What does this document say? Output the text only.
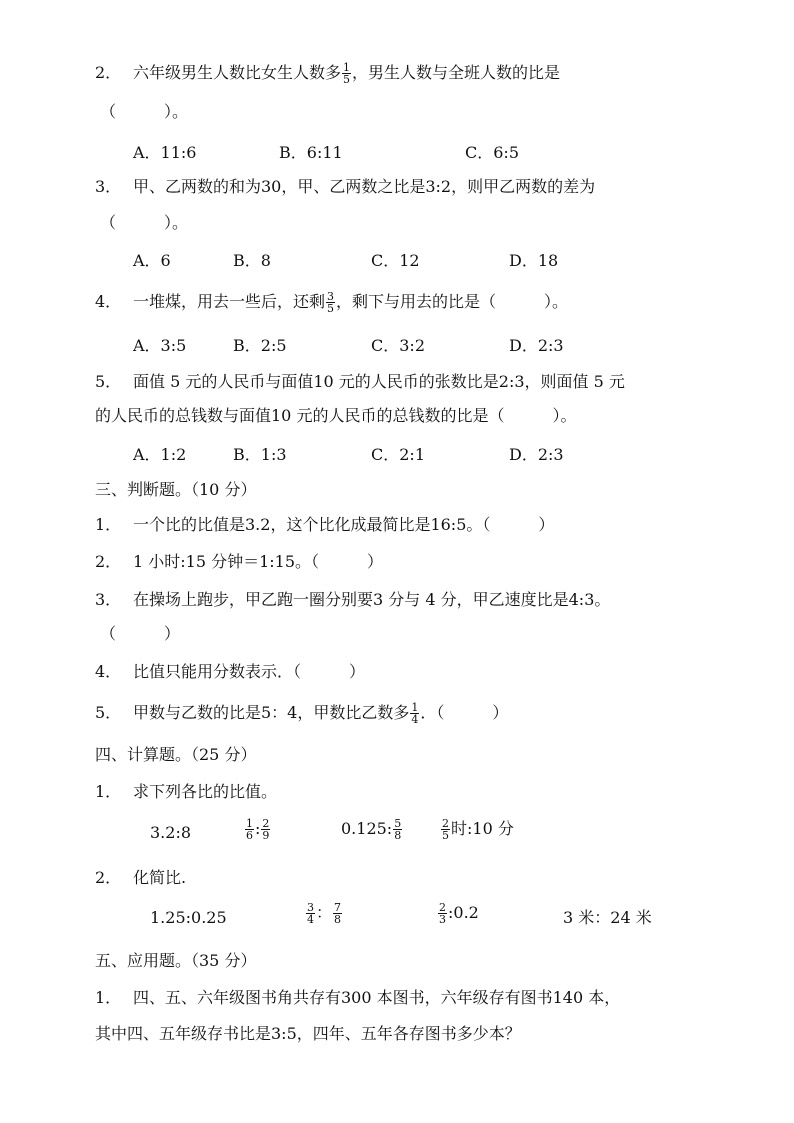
2． 六年级男生人数比女生人数多 $\frac{1}{5}$ ，男生人数与全班人数的比是
（　　　）。
A．11:6	B．6:11	C．6:5
3． 甲、乙两数的和为30，甲、乙两数之比是3:2，则甲乙两数的差为
（　　　）。
A．6	B．8	C．12	D．18
4． 一堆煤，用去一些后，还剩 $\frac{3}{5}$ ，剩下与用去的比是（　　　）。
A．3:5	B．2:5	C．3:2	D．2:3
5． 面值 5 元的人民币与面值10 元的人民币的张数比是2:3，则面值 5 元
的人民币的总钱数与面值10 元的人民币的总钱数的比是（　　　）。
A．1:2	B．1:3	C．2:1	D．2:3
三、判断题。（10 分）
1． 一个比的比值是3.2，这个比化成最简比是16:5。（　　　）
2． 1 小时:15 分钟＝1:15。（　　　）
3． 在操场上跑步，甲乙跑一圈分别要3 分与 4 分，甲乙速度比是4:3。
（　　　）
4． 比值只能用分数表示．（　　　）
5． 甲数与乙数的比是5：4，甲数比乙数多 $\frac{1}{4}$ ．（　　　）
四、计算题。（25 分）
1． 求下列各比的比值。
3.2:8	$\frac{1}{6}$ : $\frac{2}{9}$	0.125: $\frac{5}{8}$	$\frac{2}{5}$ 时:10 分
2． 化简比.
1.25:0.25	$\frac{3}{4}$ ： $\frac{7}{8}$	$\frac{2}{3}$ :0.2	3 米：24 米
五、应用题。（35 分）
1． 四、五、六年级图书角共存有300 本图书，六年级存有图书140 本，
其中四、五年级存书比是3:5，四年、五年各存图书多少本？
